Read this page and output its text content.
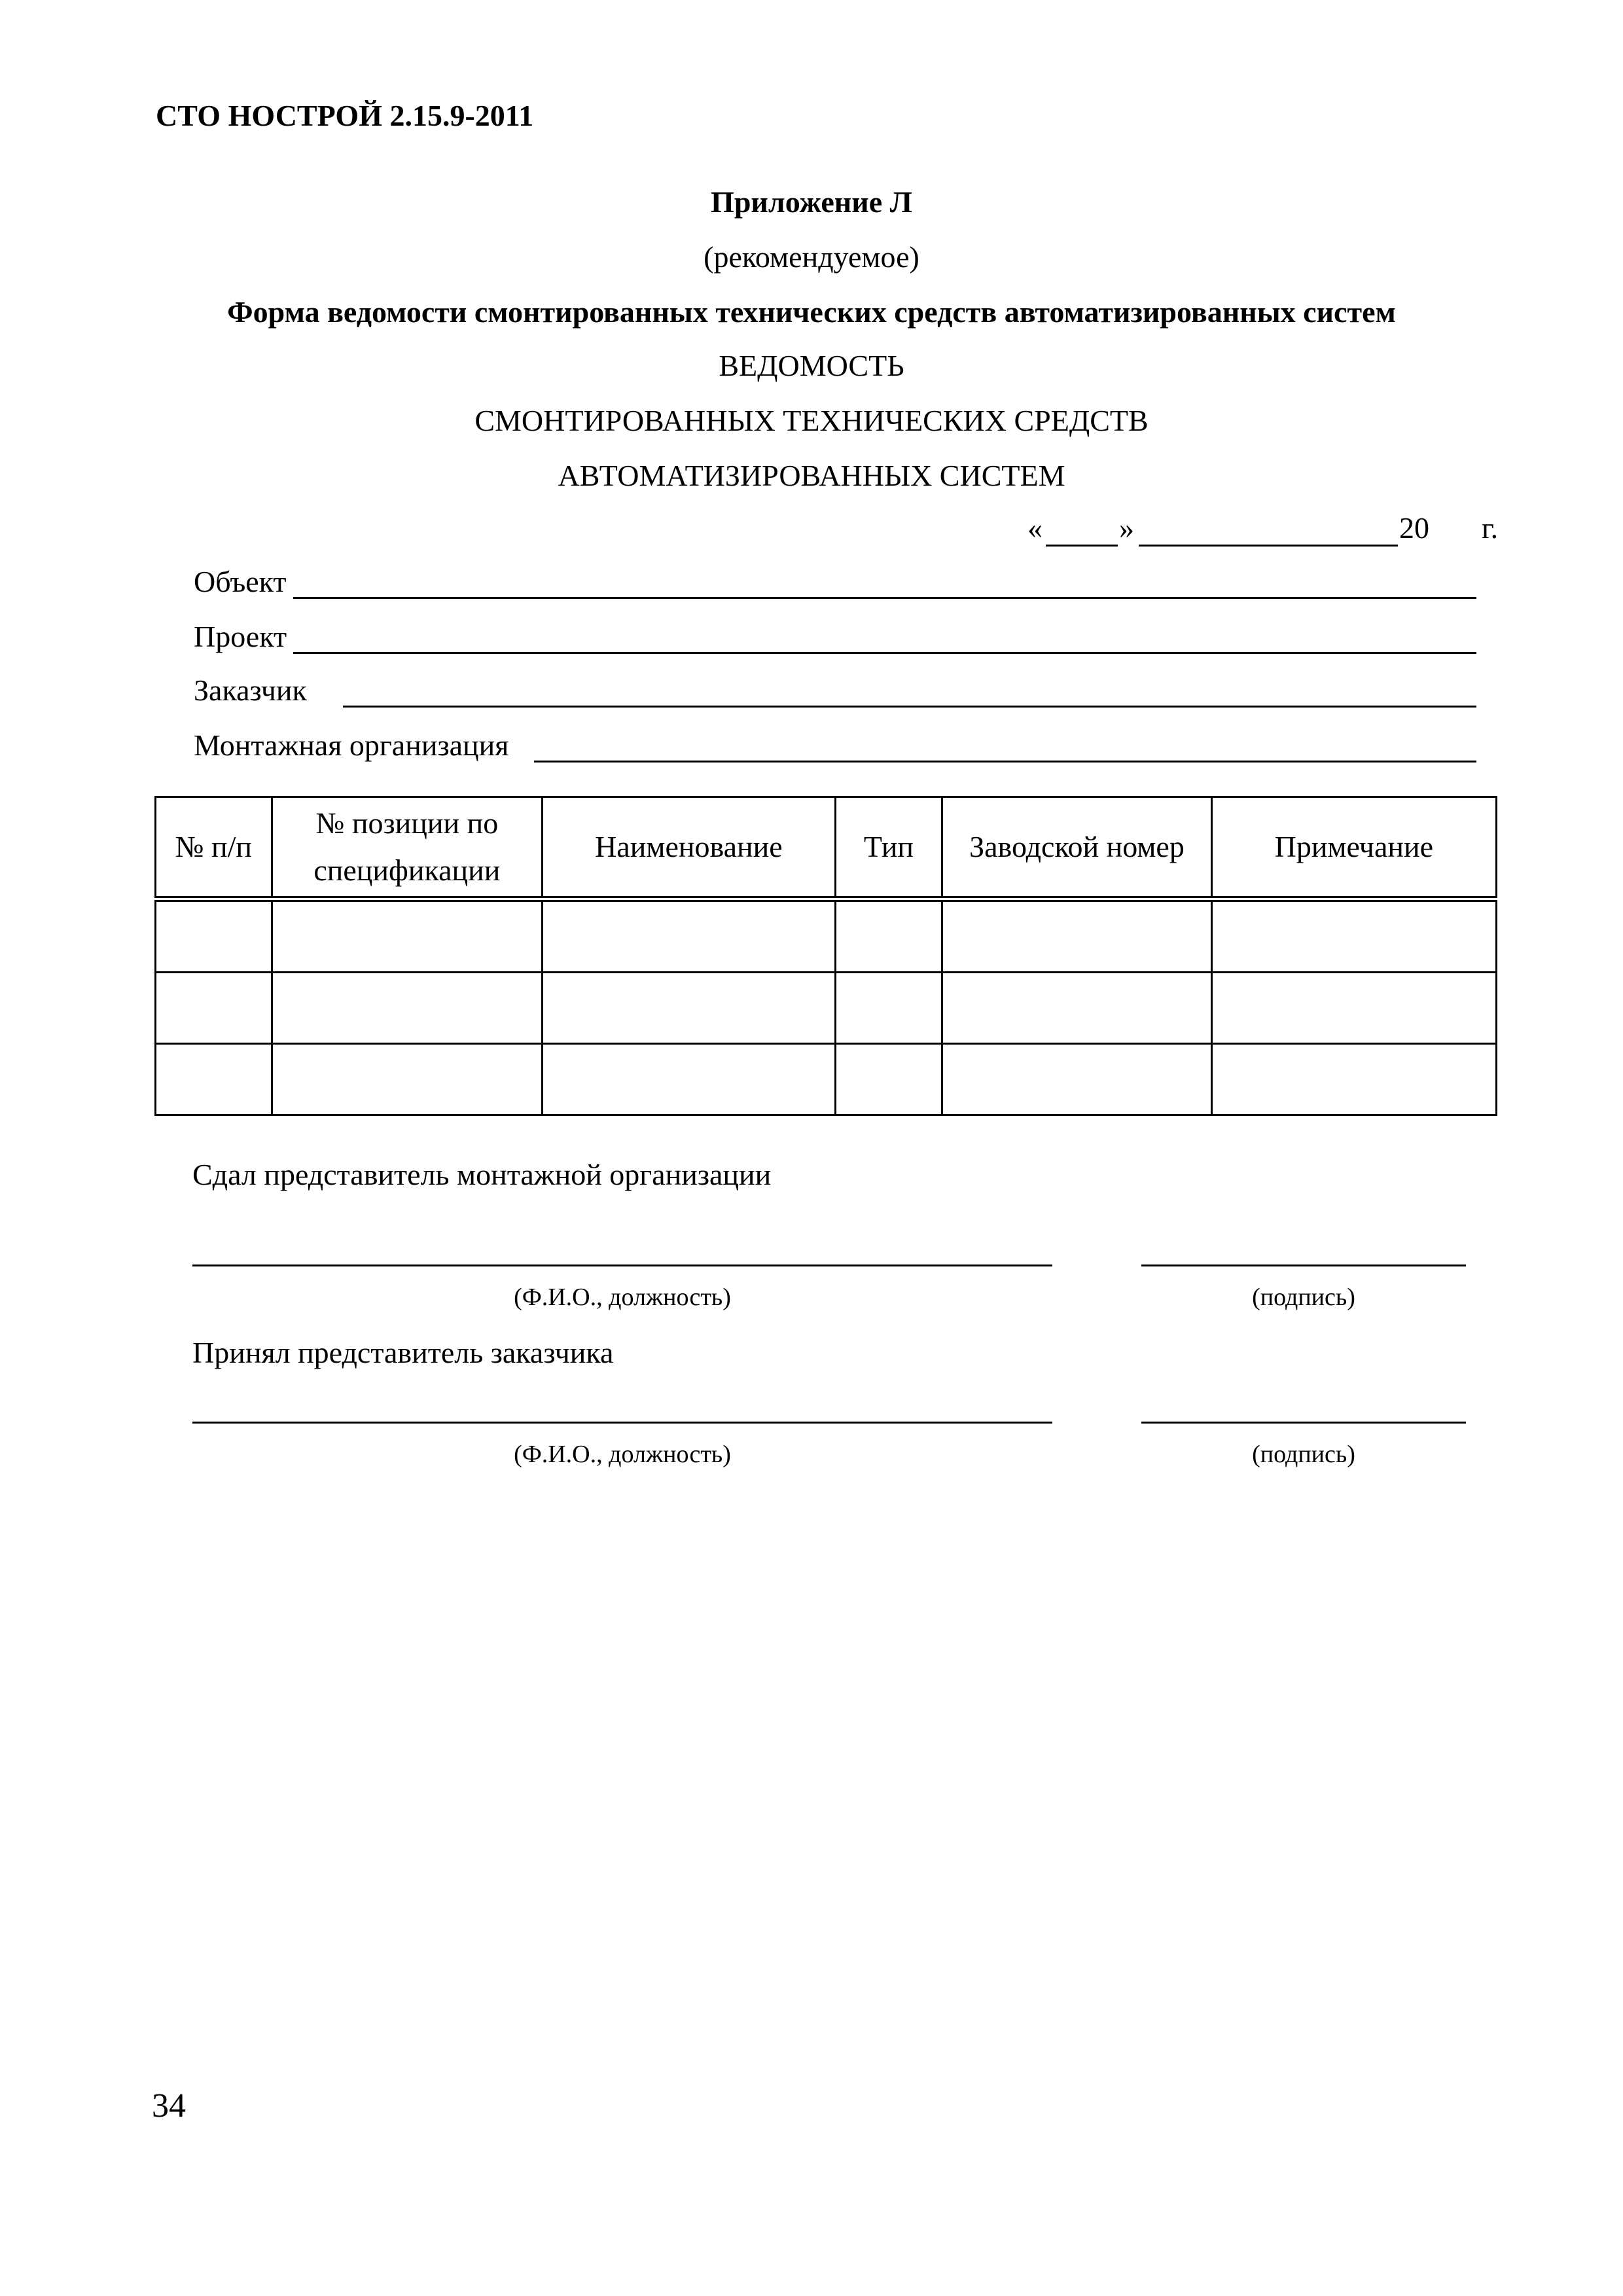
СТО НОСТРОЙ 2.15.9-2011
Приложение Л
(рекомендуемое)
Форма ведомости смонтированных технических средств автоматизированных систем
ВЕДОМОСТЬ
СМОНТИРОВАННЫХ ТЕХНИЧЕСКИХ СРЕДСТВ
АВТОМАТИЗИРОВАННЫХ СИСТЕМ
«	»	20 г.
Объект
Проект
Заказчик
Монтажная организация
№ п/п	№ позиции по спецификации	Наименование	Тип	Заводской номер	Примечание

Сдал представитель монтажной организации
(Ф.И.О., должность)	(подпись)
Принял представитель заказчика
(Ф.И.О., должность)	(подпись)
34
